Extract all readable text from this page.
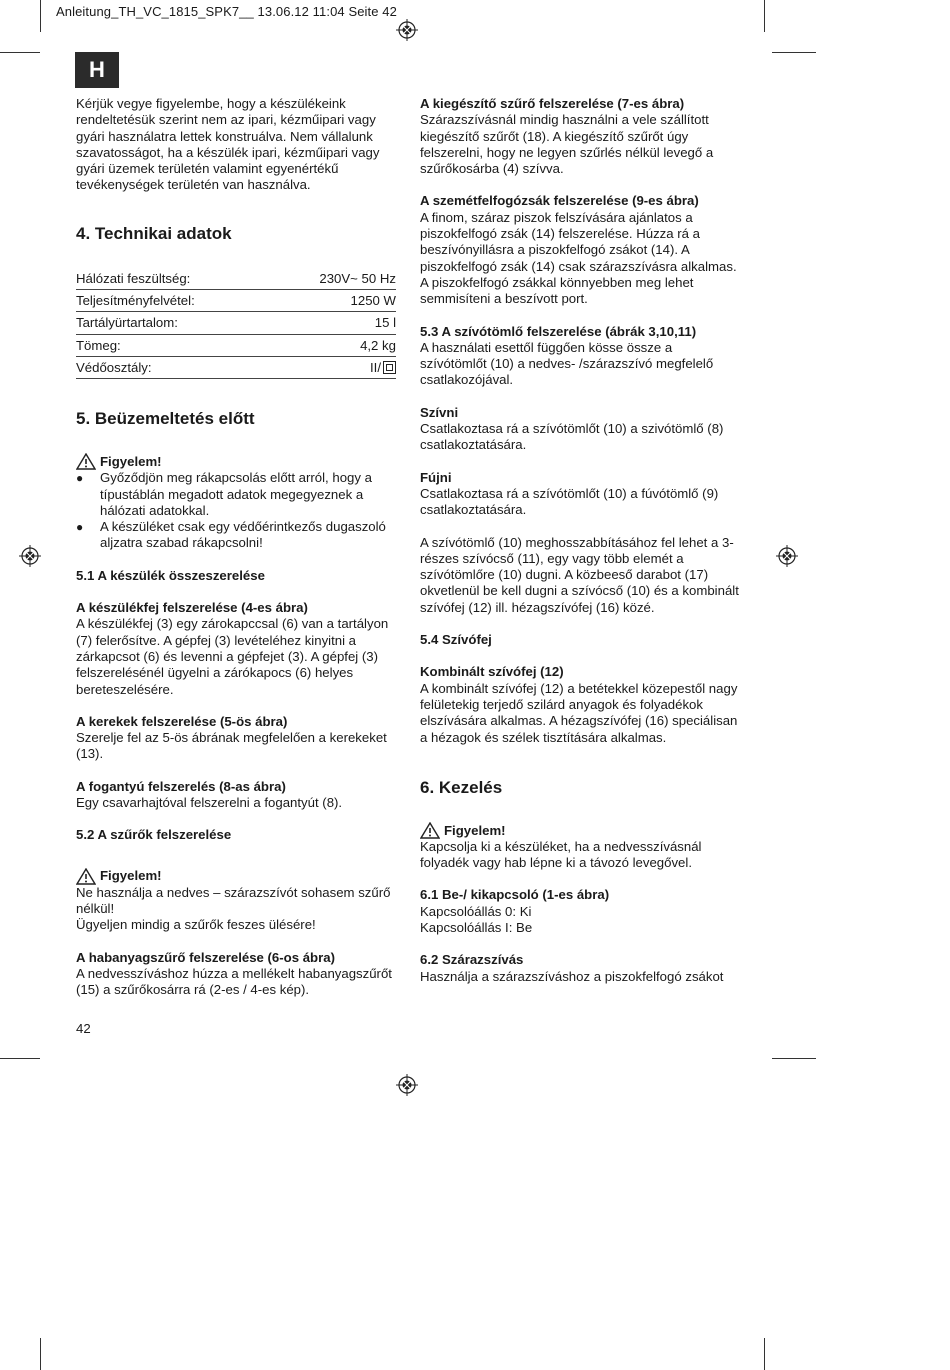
Anleitung_TH_VC_1815_SPK7__ 13.06.12 11:04 Seite 42
H

Kérjük vegye figyelembe, hogy a készülékeink rendeltetésük szerint nem az ipari, kézműipari vagy gyári használatra lettek konstruálva. Nem vállalunk szavatosságot, ha a készülék ipari, kézműipari vagy gyári üzemek területén valamint egyenértékű tevékenységek területén van használva.

4. Technikai adatok
Hálózati feszültség:	230V~ 50 Hz
Teljesítményfelvétel:	1250 W
Tartályürtartalom:	15 l
Tömeg:	4,2 kg
Védőosztály:	II/
5. Beüzemeltetés előtt
Figyelem!
●	Győződjön meg rákapcsolás előtt arról, hogy a típustáblán megadott adatok megegyeznek a hálózati adatokkal.
●	A készüléket csak egy védőérintkezős dugaszoló aljzatra szabad rákapcsolni!

5.1 A készülék összeszerelése

A készülékfej felszerelése (4-es ábra)

A készülékfej (3) egy zárokapccsal (6) van a tartályon (7) felerősítve. A gépfej (3) levételéhez kinyitni a zárkapcsot (6) és levenni a gépfejet (3). A gépfej (3) felszerelésénél ügyelni a zárókapocs (6) helyes bereteszelésére.

A kerekek felszerelése (5-ös ábra)

Szerelje fel az 5-ös ábrának megfelelően a kerekeket (13).

A fogantyú felszerelés (8-as ábra)

Egy csavarhajtóval felszerelni a fogantyút (8).

5.2 A szűrők felszerelése

Figyelem!

Ne használja a nedves – szárazszívót sohasem szűrő nélkül!

Ügyeljen mindig a szűrők feszes ülésére!

A habanyagszűrő felszerelése (6-os ábra)

A nedvesszíváshoz húzza a mellékelt habanyagszűrőt (15) a szűrőkosárra rá (2-es / 4-es kép).

42

A kiegészítő szűrő felszerelése (7-es ábra)

Szárazszívásnál mindig használni a vele szállított kiegészítő szűrőt (18). A kiegészítő szűrőt úgy felszerelni, hogy ne legyen szűrlés nélkül levegő a szűrőkosárba (4) szívva.

A szemétfelfogózsák felszerelése (9-es ábra)

A finom, száraz piszok felszívására ajánlatos a piszokfelfogó zsák (14) felszerelése. Húzza rá a beszívónyillásra a piszokfelfogó zsákot (14). A piszokfelfogó zsák (14) csak szárazszívásra alkalmas. A piszokfelfogó zsákkal könnyebben meg lehet semmisíteni a beszívott port.

5.3 A szívótömlő felszerelése (ábrák 3,10,11)

A használati esettől függően kösse össze a szívótömlőt (10) a nedves- /szárazszívó megfelelő csatlakozójával.

Szívni

Csatlakoztasa rá a szívótömlőt (10) a szivótömlő (8) csatlakoztatására.

Fújni

Csatlakoztasa rá a szívótömlőt (10) a fúvótömlő (9) csatlakoztatására.

A szívótömlő (10) meghosszabbításához fel lehet a 3-részes szívócső (11), egy vagy több elemét a szívótömlőre (10) dugni. A közbeeső darabot (17) okvetlenül be kell dugni a szívócső (10) és a kombinált szívófej (12) ill. hézagszívófej (16) közé.

5.4 Szívófej

Kombinált szívófej (12)

A kombinált szívófej (12) a betétekkel közepestől nagy felületekig terjedő szilárd anyagok és folyadékok elszívására alkalmas. A hézagszívófej (16) speciálisan a hézagok és szélek tisztítására alkalmas.

6. Kezelés
Figyelem!

Kapcsolja ki a készüléket, ha a nedvesszívásnál folyadék vagy hab lépne ki a távozó levegővel.

6.1 Be-/ kikapcsoló (1-es ábra)

Kapcsolóállás 0: Ki

Kapcsolóállás I: Be

6.2 Szárazszívás

Használja a szárazszíváshoz a piszokfelfogó zsákot
